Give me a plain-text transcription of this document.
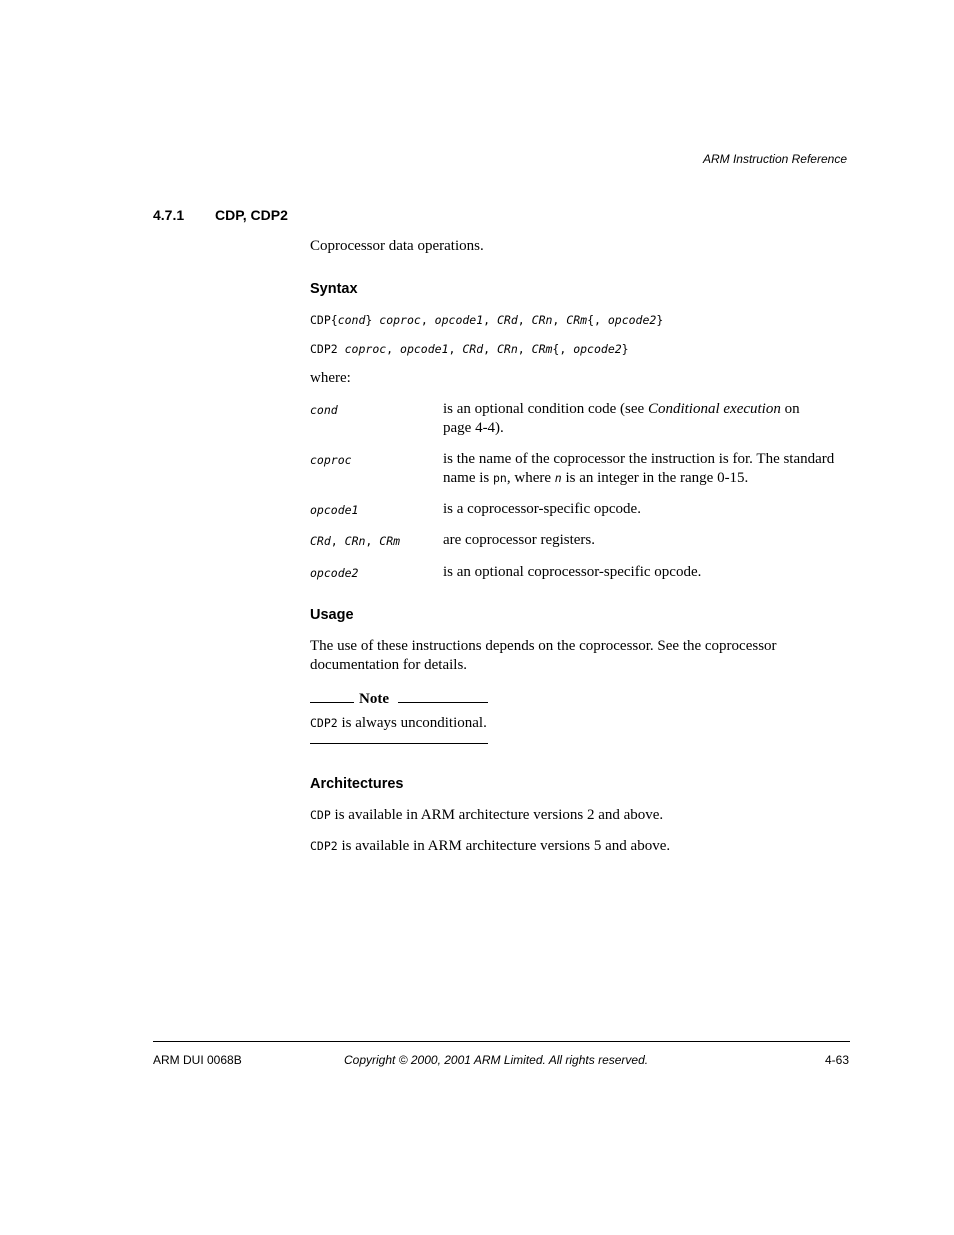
ARM Instruction Reference
4.7.1 CDP, CDP2
Coprocessor data operations.
Syntax
CDP{cond} coproc, opcode1, CRd, CRn, CRm{, opcode2}
CDP2 coproc, opcode1, CRd, CRn, CRm{, opcode2}
where:
cond	is an optional condition code (see Conditional execution on
page 4-4).
coproc	is the name of the coprocessor the instruction is for. The standard
name is pn, where n is an integer in the range 0-15.
opcode1	is a coprocessor-specific opcode.
CRd, CRn, CRm	are coprocessor registers.
opcode2	is an optional coprocessor-specific opcode.
Usage
The use of these instructions depends on the coprocessor. See the coprocessor
documentation for details.
Note
CDP2 is always unconditional.
Architectures
CDP is available in ARM architecture versions 2 and above.
CDP2 is available in ARM architecture versions 5 and above.
ARM DUI 0068B	Copyright © 2000, 2001 ARM Limited. All rights reserved.	4-63
